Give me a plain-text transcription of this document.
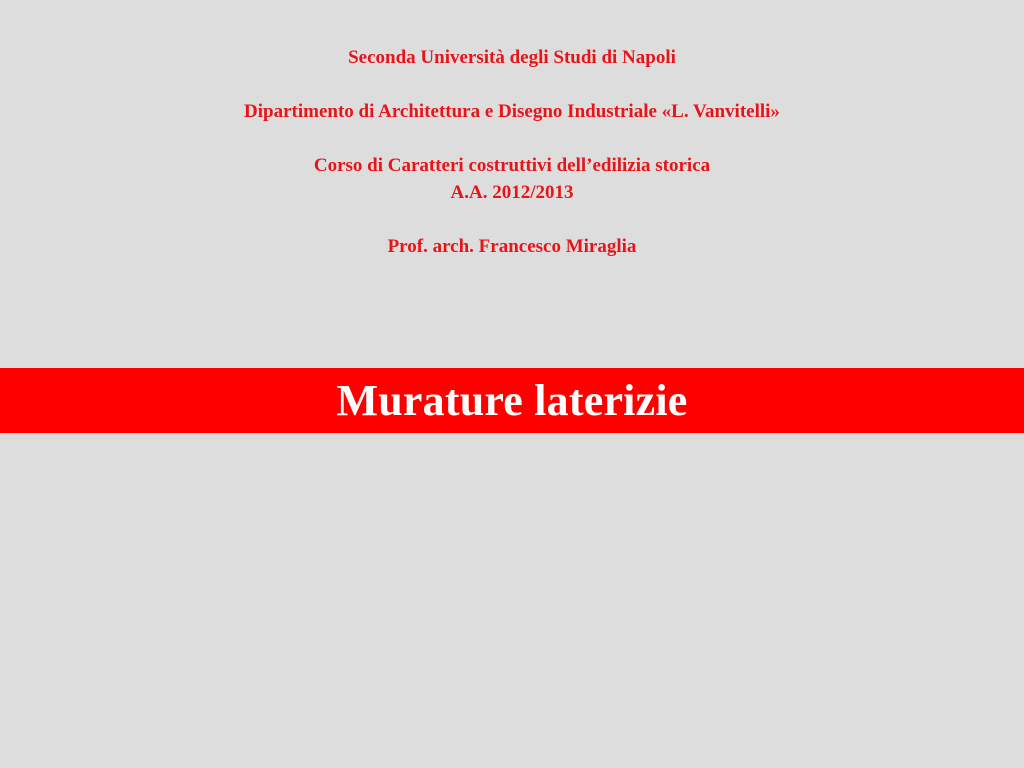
Seconda Università degli Studi di Napoli
Dipartimento di Architettura e Disegno Industriale «L. Vanvitelli»
Corso di Caratteri costruttivi dell’edilizia storica
A.A. 2012/2013
Prof. arch. Francesco Miraglia
Murature laterizie
